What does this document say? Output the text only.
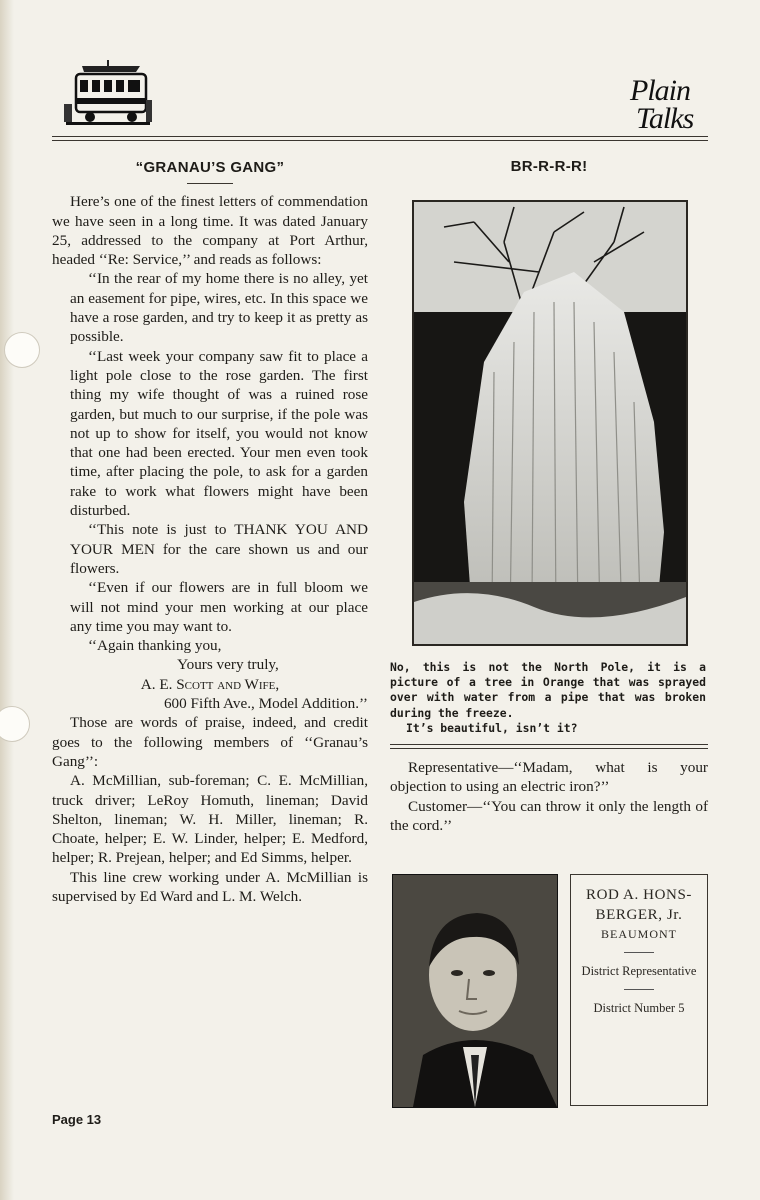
Plain
Talks
“GRANAU’S GANG”

Here’s one of the finest letters of commendation we have seen in a long time. It was dated January 25, addressed to the company at Port Arthur, headed ‘‘Re: Service,’’ and reads as follows:

‘‘In the rear of my home there is no alley, yet an easement for pipe, wires, etc. In this space we have a rose garden, and try to keep it as pretty as possible.

‘‘Last week your company saw fit to place a light pole close to the rose garden. The first thing my wife thought of was a ruined rose garden, but much to our surprise, if the pole was not up to show for itself, you would not know that one had been erected. Your men even took time, after placing the pole, to ask for a garden rake to work what flowers might have been disturbed.

‘‘This note is just to THANK YOU AND YOUR MEN for the care shown us and our flowers.

‘‘Even if our flowers are in full bloom we will not mind your men working at our place any time you may want to.

‘‘Again thanking you,

Yours very truly,

A. E. Scott and Wife,

600 Fifth Ave., Model Addition.’’

Those are words of praise, indeed, and credit goes to the following members of ‘‘Granau’s Gang’’:

A. McMillian, sub-foreman; C. E. McMillian, truck driver; LeRoy Homuth, lineman; David Shelton, lineman; W. H. Miller, lineman; R. Choate, helper; E. W. Linder, helper; E. Medford, helper; R. Prejean, helper; and Ed Simms, helper.

This line crew working under A. McMillian is supervised by Ed Ward and L. M. Welch.

BR-R-R-R!

No, this is not the North Pole, it is a picture of a tree in Orange that was sprayed over with water from a pipe that was broken during the freeze.

It’s beautiful, isn’t it?

Representative—‘‘Madam, what is your objection to using an electric iron?’’

Customer—‘‘You can throw it only the length of the cord.’’

ROD A. HONS- BERGER, Jr.
BEAUMONT
District Representative
District Number 5
Page 13
